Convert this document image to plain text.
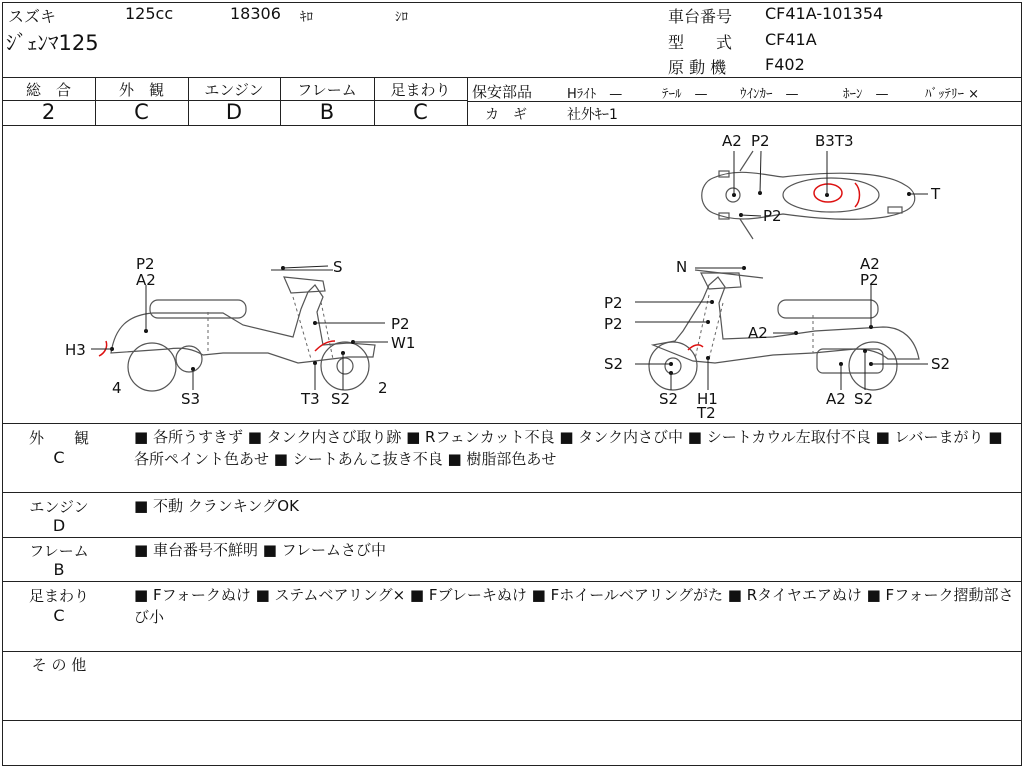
スズキ	125cc	18306 ｷﾛ	ｼﾛ
ｼﾞｪﾝﾏ125
車台番号 CF41A-101354
型　　式 CF41A
原 動 機 F402
総　合
2
外　観
C
エンジン
D
フレーム
B
足まわり
C
保安部品	Hﾗｲﾄ　—	ﾃｰﾙ　— ｳｲﾝｶｰ　—	ﾎｰﾝ　—	ﾊﾞｯﾃﾘｰ ×
カ　ギ	社外ｷｰ1
A2 P2	B3T3
T
P2
P2
A2
S
H3
P2
W1
4
S3	T3 S2
2
N	A2
P2
P2
P2	A2
S2	S2
S2 H1
T2
A2 S2
外　　観
C
■ 各所うすきず ■ タンク内さび取り跡 ■ Rフェンカット不良 ■ タンク内さび中 ■ シートカウル左取付不良 ■ レバーまがり ■ 各所ペイント色あせ ■ シートあんこ抜き不良 ■ 樹脂部色あせ
エンジン
D
■ 不動 クランキングOK
フレーム
B
■ 車台番号不鮮明 ■ フレームさび中
足まわり
C
■ Fフォークぬけ ■ ステムベアリング× ■ Fブレーキぬけ ■ Fホイールベアリングがた ■ Rタイヤエアぬけ ■ Fフォーク摺動部さび小
そ の 他
